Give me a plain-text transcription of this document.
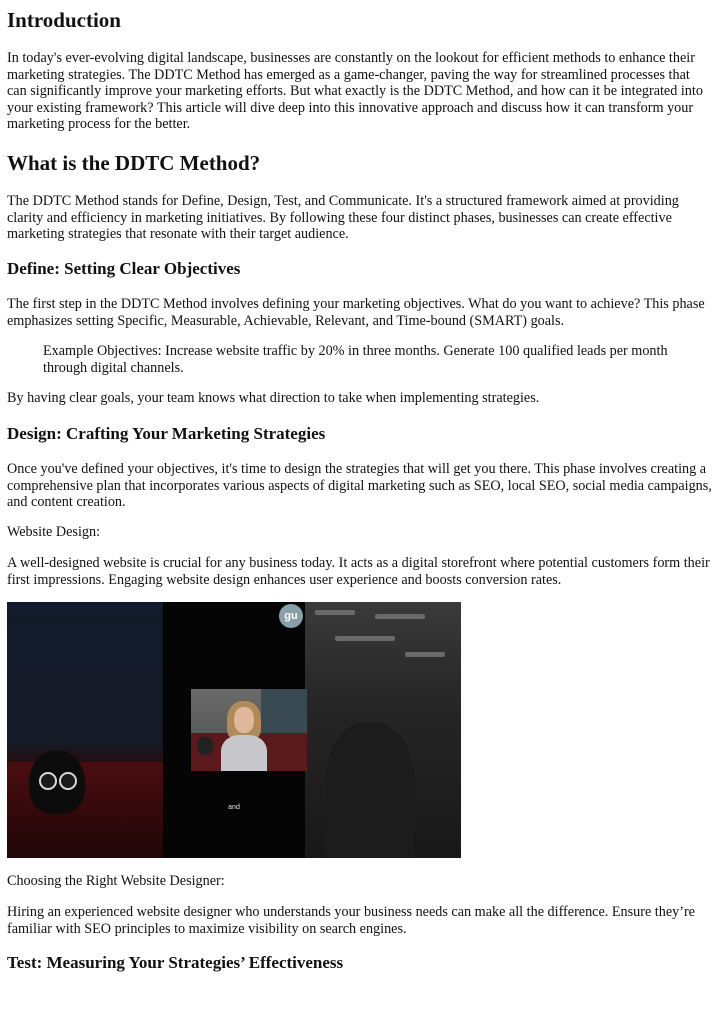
Introduction

In today's ever-evolving digital landscape, businesses are constantly on the lookout for efficient methods to enhance their marketing strategies. The DDTC Method has emerged as a game-changer, paving the way for streamlined processes that can significantly improve your marketing efforts. But what exactly is the DDTC Method, and how can it be integrated into your existing framework? This article will dive deep into this innovative approach and discuss how it can transform your marketing process for the better.

What is the DDTC Method?

The DDTC Method stands for Define, Design, Test, and Communicate. It's a structured framework aimed at providing clarity and efficiency in marketing initiatives. By following these four distinct phases, businesses can create effective marketing strategies that resonate with their target audience.

Define: Setting Clear Objectives

The first step in the DDTC Method involves defining your marketing objectives. What do you want to achieve? This phase emphasizes setting Specific, Measurable, Achievable, Relevant, and Time-bound (SMART) goals.

Example Objectives: Increase website traffic by 20% in three months. Generate 100 qualified leads per month through digital channels.

By having clear goals, your team knows what direction to take when implementing strategies.

Design: Crafting Your Marketing Strategies

Once you've defined your objectives, it's time to design the strategies that will get you there. This phase involves creating a comprehensive plan that incorporates various aspects of digital marketing such as SEO, local SEO, social media campaigns, and content creation.

Website Design:

A well-designed website is crucial for any business today. It acts as a digital storefront where potential customers form their first impressions. Engaging website design enhances user experience and boosts conversion rates.

gu
and

Choosing the Right Website Designer:

Hiring an experienced website designer who understands your business needs can make all the difference. Ensure they’re familiar with SEO principles to maximize visibility on search engines.

Test: Measuring Your Strategies’ Effectiveness
